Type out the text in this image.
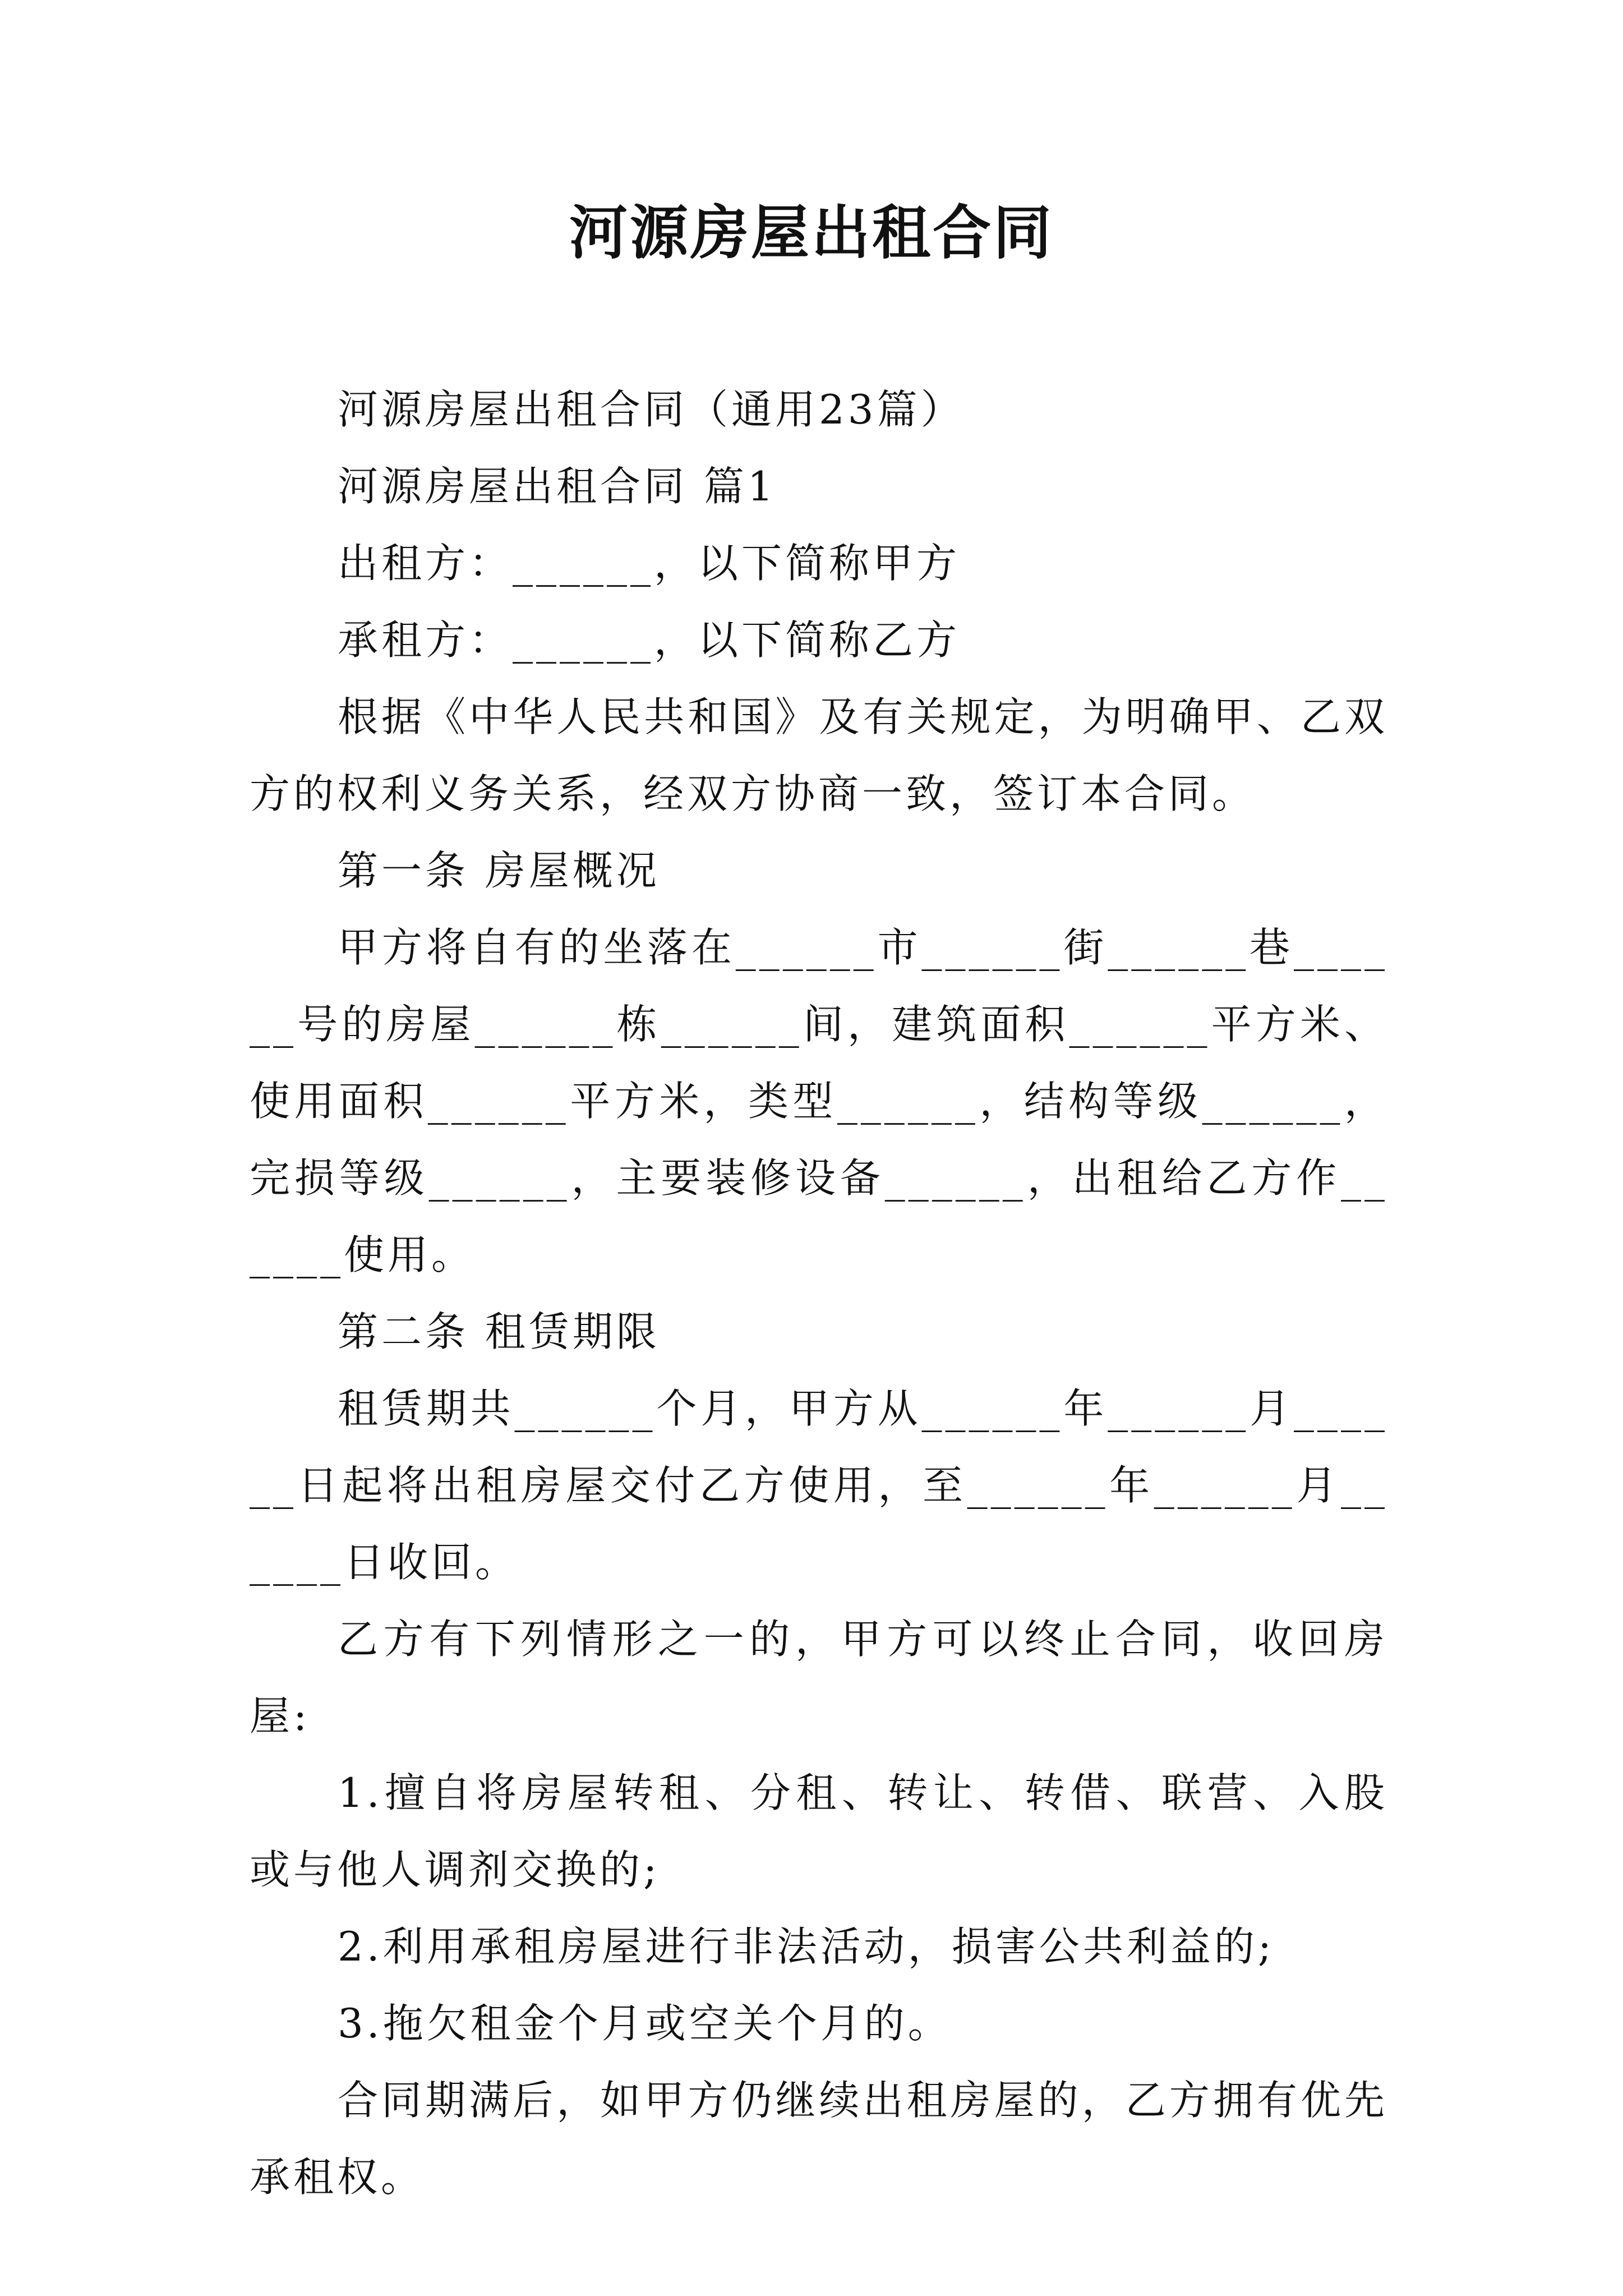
河源房屋出租合同

河源房屋出租合同（通用23篇）

河源房屋出租合同 篇1

出租方：______，以下简称甲方

承租方：______，以下简称乙方

根据《中华人民共和国》及有关规定，为明确甲、乙双方的权利义务关系，经双方协商一致，签订本合同。

第一条 房屋概况

甲方将自有的坐落在______市______街______巷______号的房屋______栋______间，建筑面积______平方米、使用面积______平方米，类型______，结构等级______，完损等级______，主要装修设备______，出租给乙方作______使用。

第二条 租赁期限

租赁期共______个月，甲方从______年______月______日起将出租房屋交付乙方使用，至______年______月______日收回。

乙方有下列情形之一的，甲方可以终止合同，收回房屋:

1.擅自将房屋转租、分租、转让、转借、联营、入股或与他人调剂交换的;

2.利用承租房屋进行非法活动，损害公共利益的;

3.拖欠租金个月或空关个月的。

合同期满后，如甲方仍继续出租房屋的，乙方拥有优先承租权。
